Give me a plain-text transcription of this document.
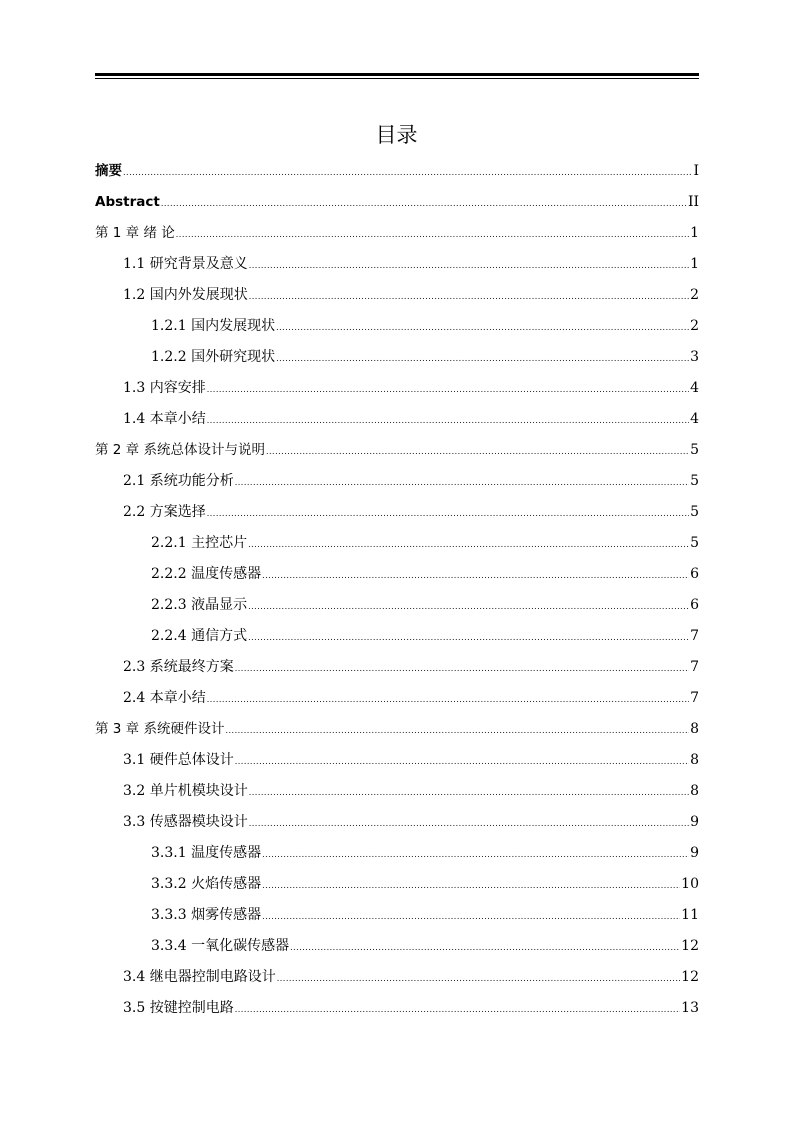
目录
摘要 .....	I
Abstract .....	II
第 1 章 绪 论 .....	1
1.1 研究背景及意义 .....	1
1.2 国内外发展现状 .....	2
1.2.1 国内发展现状 .....	2
1.2.2 国外研究现状 .....	3
1.3 内容安排 .....	4
1.4 本章小结 .....	4
第 2 章 系统总体设计与说明 .....	5
2.1 系统功能分析 .....	5
2.2 方案选择 .....	5
2.2.1 主控芯片 .....	5
2.2.2 温度传感器 .....	6
2.2.3 液晶显示 .....	6
2.2.4 通信方式 .....	7
2.3 系统最终方案 .....	7
2.4 本章小结 .....	7
第 3 章 系统硬件设计 .....	8
3.1 硬件总体设计 .....	8
3.2 单片机模块设计 .....	8
3.3 传感器模块设计 .....	9
3.3.1 温度传感器 .....	9
3.3.2 火焰传感器 .....	10
3.3.3 烟雾传感器 .....	11
3.3.4 一氧化碳传感器 .....	12
3.4 继电器控制电路设计 .....	12
3.5 按键控制电路 .....	13
